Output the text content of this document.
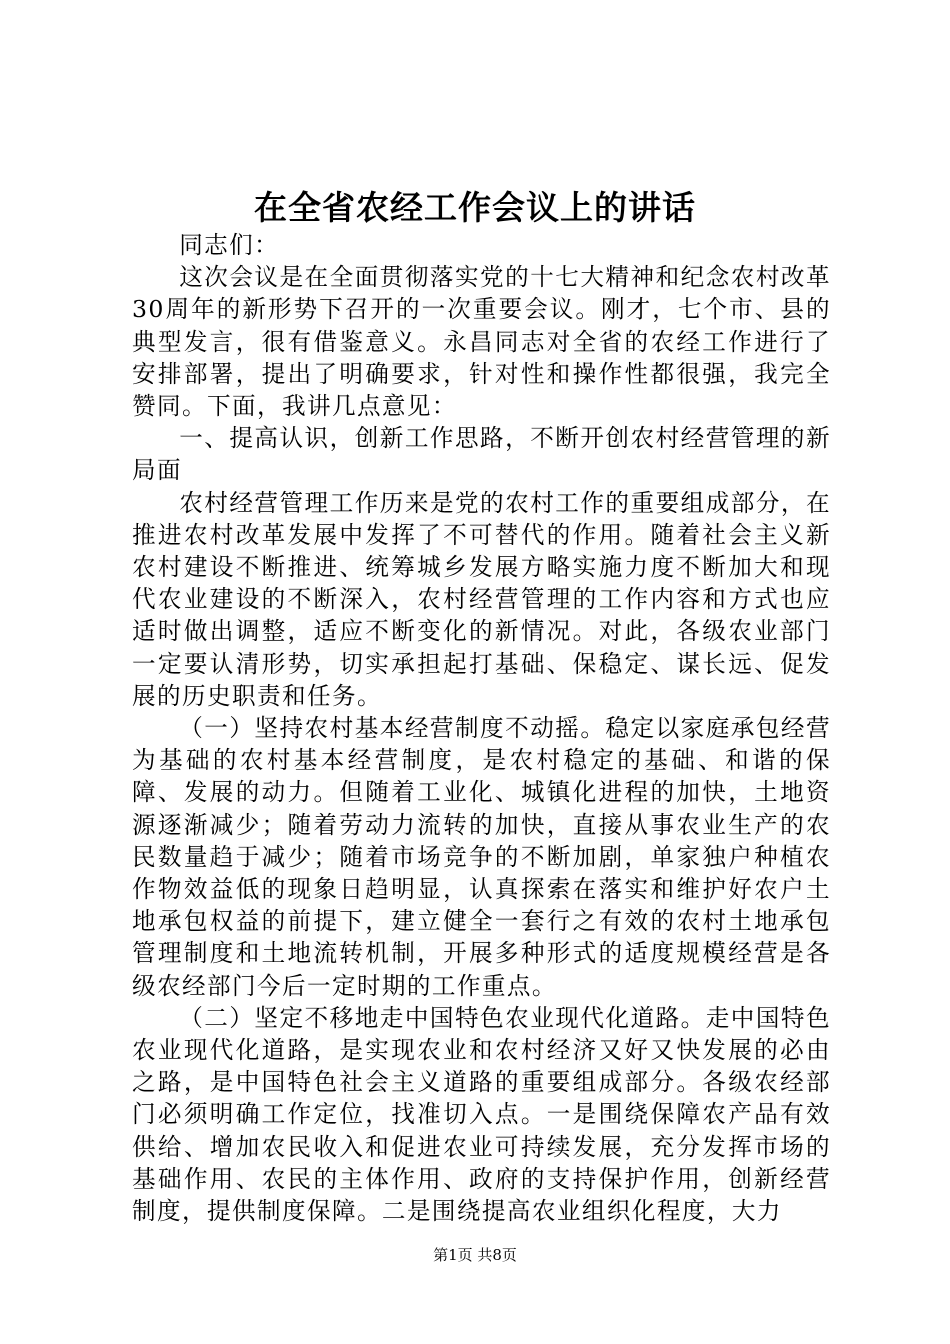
在全省农经工作会议上的讲话

同志们：

这次会议是在全面贯彻落实党的十七大精神和纪念农村改革30周年的新形势下召开的一次重要会议。刚才，七个市、县的典型发言，很有借鉴意义。永昌同志对全省的农经工作进行了安排部署，提出了明确要求，针对性和操作性都很强，我完全赞同。下面，我讲几点意见：

一、提高认识，创新工作思路，不断开创农村经营管理的新局面

农村经营管理工作历来是党的农村工作的重要组成部分，在推进农村改革发展中发挥了不可替代的作用。随着社会主义新农村建设不断推进、统筹城乡发展方略实施力度不断加大和现代农业建设的不断深入，农村经营管理的工作内容和方式也应适时做出调整，适应不断变化的新情况。对此，各级农业部门一定要认清形势，切实承担起打基础、保稳定、谋长远、促发展的历史职责和任务。

（一）坚持农村基本经营制度不动摇。稳定以家庭承包经营为基础的农村基本经营制度，是农村稳定的基础、和谐的保障、发展的动力。但随着工业化、城镇化进程的加快，土地资源逐渐减少；随着劳动力流转的加快，直接从事农业生产的农民数量趋于减少；随着市场竞争的不断加剧，单家独户种植农作物效益低的现象日趋明显，认真探索在落实和维护好农户土地承包权益的前提下，建立健全一套行之有效的农村土地承包管理制度和土地流转机制，开展多种形式的适度规模经营是各级农经部门今后一定时期的工作重点。

（二）坚定不移地走中国特色农业现代化道路。走中国特色农业现代化道路，是实现农业和农村经济又好又快发展的必由之路，是中国特色社会主义道路的重要组成部分。各级农经部门必须明确工作定位，找准切入点。一是围绕保障农产品有效供给、增加农民收入和促进农业可持续发展，充分发挥市场的基础作用、农民的主体作用、政府的支持保护作用，创新经营制度，提供制度保障。二是围绕提高农业组织化程度，大力

第1页 共8页
